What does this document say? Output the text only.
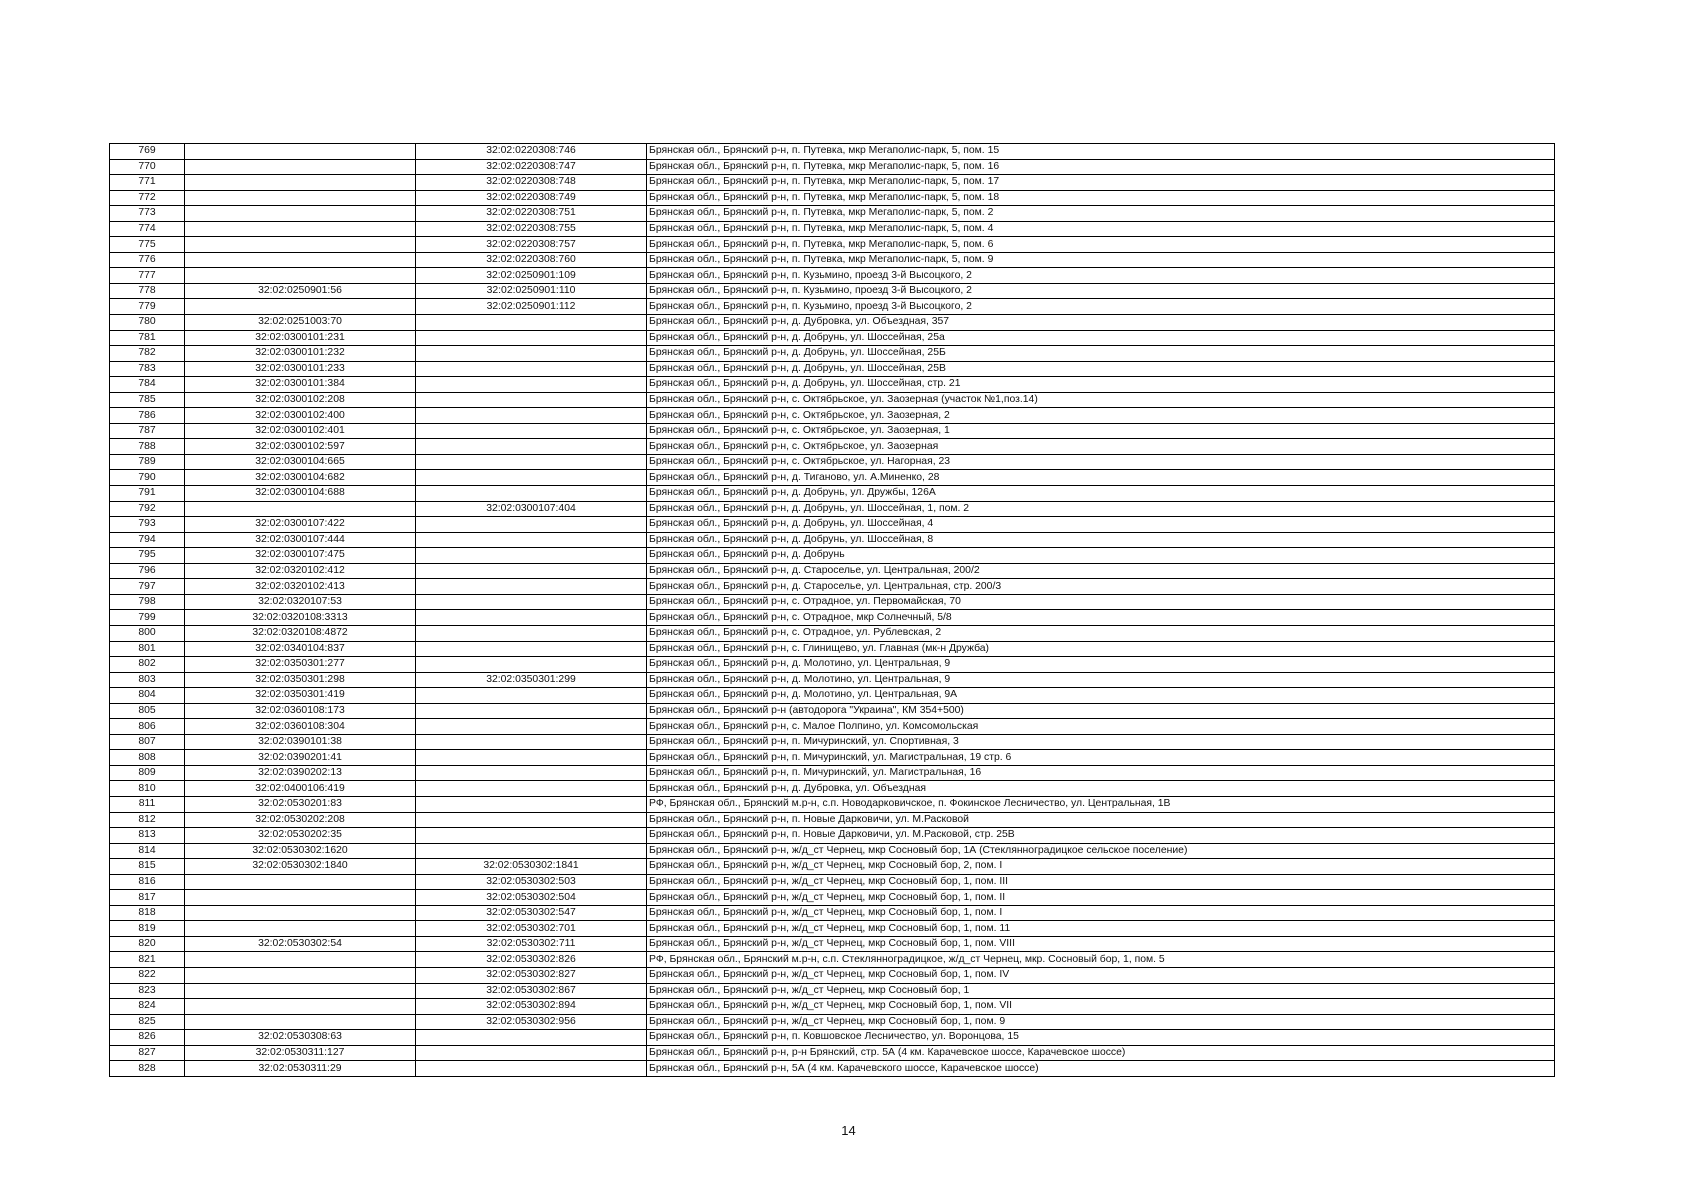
769		32:02:0220308:746	Брянская обл., Брянский р-н, п. Путевка, мкр Мегаполис-парк, 5, пом. 15
770		32:02:0220308:747	Брянская обл., Брянский р-н, п. Путевка, мкр Мегаполис-парк, 5, пом. 16
771		32:02:0220308:748	Брянская обл., Брянский р-н, п. Путевка, мкр Мегаполис-парк, 5, пом. 17
772		32:02:0220308:749	Брянская обл., Брянский р-н, п. Путевка, мкр Мегаполис-парк, 5, пом. 18
773		32:02:0220308:751	Брянская обл., Брянский р-н, п. Путевка, мкр Мегаполис-парк, 5, пом. 2
774		32:02:0220308:755	Брянская обл., Брянский р-н, п. Путевка, мкр Мегаполис-парк, 5, пом. 4
775		32:02:0220308:757	Брянская обл., Брянский р-н, п. Путевка, мкр Мегаполис-парк, 5, пом. 6
776		32:02:0220308:760	Брянская обл., Брянский р-н, п. Путевка, мкр Мегаполис-парк, 5, пом. 9
777		32:02:0250901:109	Брянская обл., Брянский р-н, п. Кузьмино, проезд 3-й Высоцкого, 2
778	32:02:0250901:56	32:02:0250901:110	Брянская обл., Брянский р-н, п. Кузьмино, проезд 3-й Высоцкого, 2
779		32:02:0250901:112	Брянская обл., Брянский р-н, п. Кузьмино, проезд 3-й Высоцкого, 2
780	32:02:0251003:70		Брянская обл., Брянский р-н, д. Дубровка, ул. Объездная, 357
781	32:02:0300101:231		Брянская обл., Брянский р-н, д. Добрунь, ул. Шоссейная, 25а
782	32:02:0300101:232		Брянская обл., Брянский р-н, д. Добрунь, ул. Шоссейная, 25Б
783	32:02:0300101:233		Брянская обл., Брянский р-н, д. Добрунь, ул. Шоссейная, 25В
784	32:02:0300101:384		Брянская обл., Брянский р-н, д. Добрунь, ул. Шоссейная, стр. 21
785	32:02:0300102:208		Брянская обл., Брянский р-н, с. Октябрьское, ул. Заозерная (участок №1,поз.14)
786	32:02:0300102:400		Брянская обл., Брянский р-н, с. Октябрьское, ул. Заозерная, 2
787	32:02:0300102:401		Брянская обл., Брянский р-н, с. Октябрьское, ул. Заозерная, 1
788	32:02:0300102:597		Брянская обл., Брянский р-н, с. Октябрьское, ул. Заозерная
789	32:02:0300104:665		Брянская обл., Брянский р-н, с. Октябрьское, ул. Нагорная, 23
790	32:02:0300104:682		Брянская обл., Брянский р-н, д. Тиганово, ул. А.Миненко, 28
791	32:02:0300104:688		Брянская обл., Брянский р-н, д. Добрунь, ул. Дружбы, 126А
792		32:02:0300107:404	Брянская обл., Брянский р-н, д. Добрунь, ул. Шоссейная, 1, пом. 2
793	32:02:0300107:422		Брянская обл., Брянский р-н, д. Добрунь, ул. Шоссейная, 4
794	32:02:0300107:444		Брянская обл., Брянский р-н, д. Добрунь, ул. Шоссейная, 8
795	32:02:0300107:475		Брянская обл., Брянский р-н, д. Добрунь
796	32:02:0320102:412		Брянская обл., Брянский р-н, д. Староселье, ул. Центральная, 200/2
797	32:02:0320102:413		Брянская обл., Брянский р-н, д. Староселье, ул. Центральная, стр. 200/3
798	32:02:0320107:53		Брянская обл., Брянский р-н, с. Отрадное, ул. Первомайская, 70
799	32:02:0320108:3313		Брянская обл., Брянский р-н, с. Отрадное, мкр Солнечный, 5/8
800	32:02:0320108:4872		Брянская обл., Брянский р-н, с. Отрадное, ул. Рублевская, 2
801	32:02:0340104:837		Брянская обл., Брянский р-н, с. Глинищево, ул. Главная (мк-н Дружба)
802	32:02:0350301:277		Брянская обл., Брянский р-н, д. Молотино, ул. Центральная, 9
803	32:02:0350301:298	32:02:0350301:299	Брянская обл., Брянский р-н, д. Молотино, ул. Центральная, 9
804	32:02:0350301:419		Брянская обл., Брянский р-н, д. Молотино, ул. Центральная, 9А
805	32:02:0360108:173		Брянская обл., Брянский р-н (автодорога "Украина", КМ 354+500)
806	32:02:0360108:304		Брянская обл., Брянский р-н, с. Малое Полпино, ул. Комсомольская
807	32:02:0390101:38		Брянская обл., Брянский р-н, п. Мичуринский, ул. Спортивная, 3
808	32:02:0390201:41		Брянская обл., Брянский р-н, п. Мичуринский, ул. Магистральная, 19 стр. 6
809	32:02:0390202:13		Брянская обл., Брянский р-н, п. Мичуринский, ул. Магистральная, 16
810	32:02:0400106:419		Брянская обл., Брянский р-н, д. Дубровка, ул. Объездная
811	32:02:0530201:83		РФ, Брянская обл., Брянский м.р-н, с.п. Новодарковичское, п. Фокинское Лесничество, ул. Центральная, 1В
812	32:02:0530202:208		Брянская обл., Брянский р-н, п. Новые Дарковичи, ул. М.Расковой
813	32:02:0530202:35		Брянская обл., Брянский р-н, п. Новые Дарковичи, ул. М.Расковой, стр. 25В
814	32:02:0530302:1620		Брянская обл., Брянский р-н, ж/д_ст Чернец, мкр Сосновый бор, 1А (Стеклянноградицкое сельское поселение)
815	32:02:0530302:1840	32:02:0530302:1841	Брянская обл., Брянский р-н, ж/д_ст Чернец, мкр Сосновый бор, 2, пом. I
816		32:02:0530302:503	Брянская обл., Брянский р-н, ж/д_ст Чернец, мкр Сосновый бор, 1, пом. III
817		32:02:0530302:504	Брянская обл., Брянский р-н, ж/д_ст Чернец, мкр Сосновый бор, 1, пом. II
818		32:02:0530302:547	Брянская обл., Брянский р-н, ж/д_ст Чернец, мкр Сосновый бор, 1, пом. I
819		32:02:0530302:701	Брянская обл., Брянский р-н, ж/д_ст Чернец, мкр Сосновый бор, 1, пом. 11
820	32:02:0530302:54	32:02:0530302:711	Брянская обл., Брянский р-н, ж/д_ст Чернец, мкр Сосновый бор, 1, пом. VIII
821		32:02:0530302:826	РФ, Брянская обл., Брянский м.р-н, с.п. Стеклянноградицкое, ж/д_ст Чернец, мкр. Сосновый бор, 1, пом. 5
822		32:02:0530302:827	Брянская обл., Брянский р-н, ж/д_ст Чернец, мкр Сосновый бор, 1, пом. IV
823		32:02:0530302:867	Брянская обл., Брянский р-н, ж/д_ст Чернец, мкр Сосновый бор, 1
824		32:02:0530302:894	Брянская обл., Брянский р-н, ж/д_ст Чернец, мкр Сосновый бор, 1, пом. VII
825		32:02:0530302:956	Брянская обл., Брянский р-н, ж/д_ст Чернец, мкр Сосновый бор, 1, пом. 9
826	32:02:0530308:63		Брянская обл., Брянский р-н, п. Ковшовское Лесничество, ул. Воронцова, 15
827	32:02:0530311:127		Брянская обл., Брянский р-н, р-н Брянский, стр. 5А (4 км. Карачевское шоссе, Карачевское шоссе)
828	32:02:0530311:29		Брянская обл., Брянский р-н, 5А (4 км. Карачевского шоссе, Карачевское шоссе)
14
